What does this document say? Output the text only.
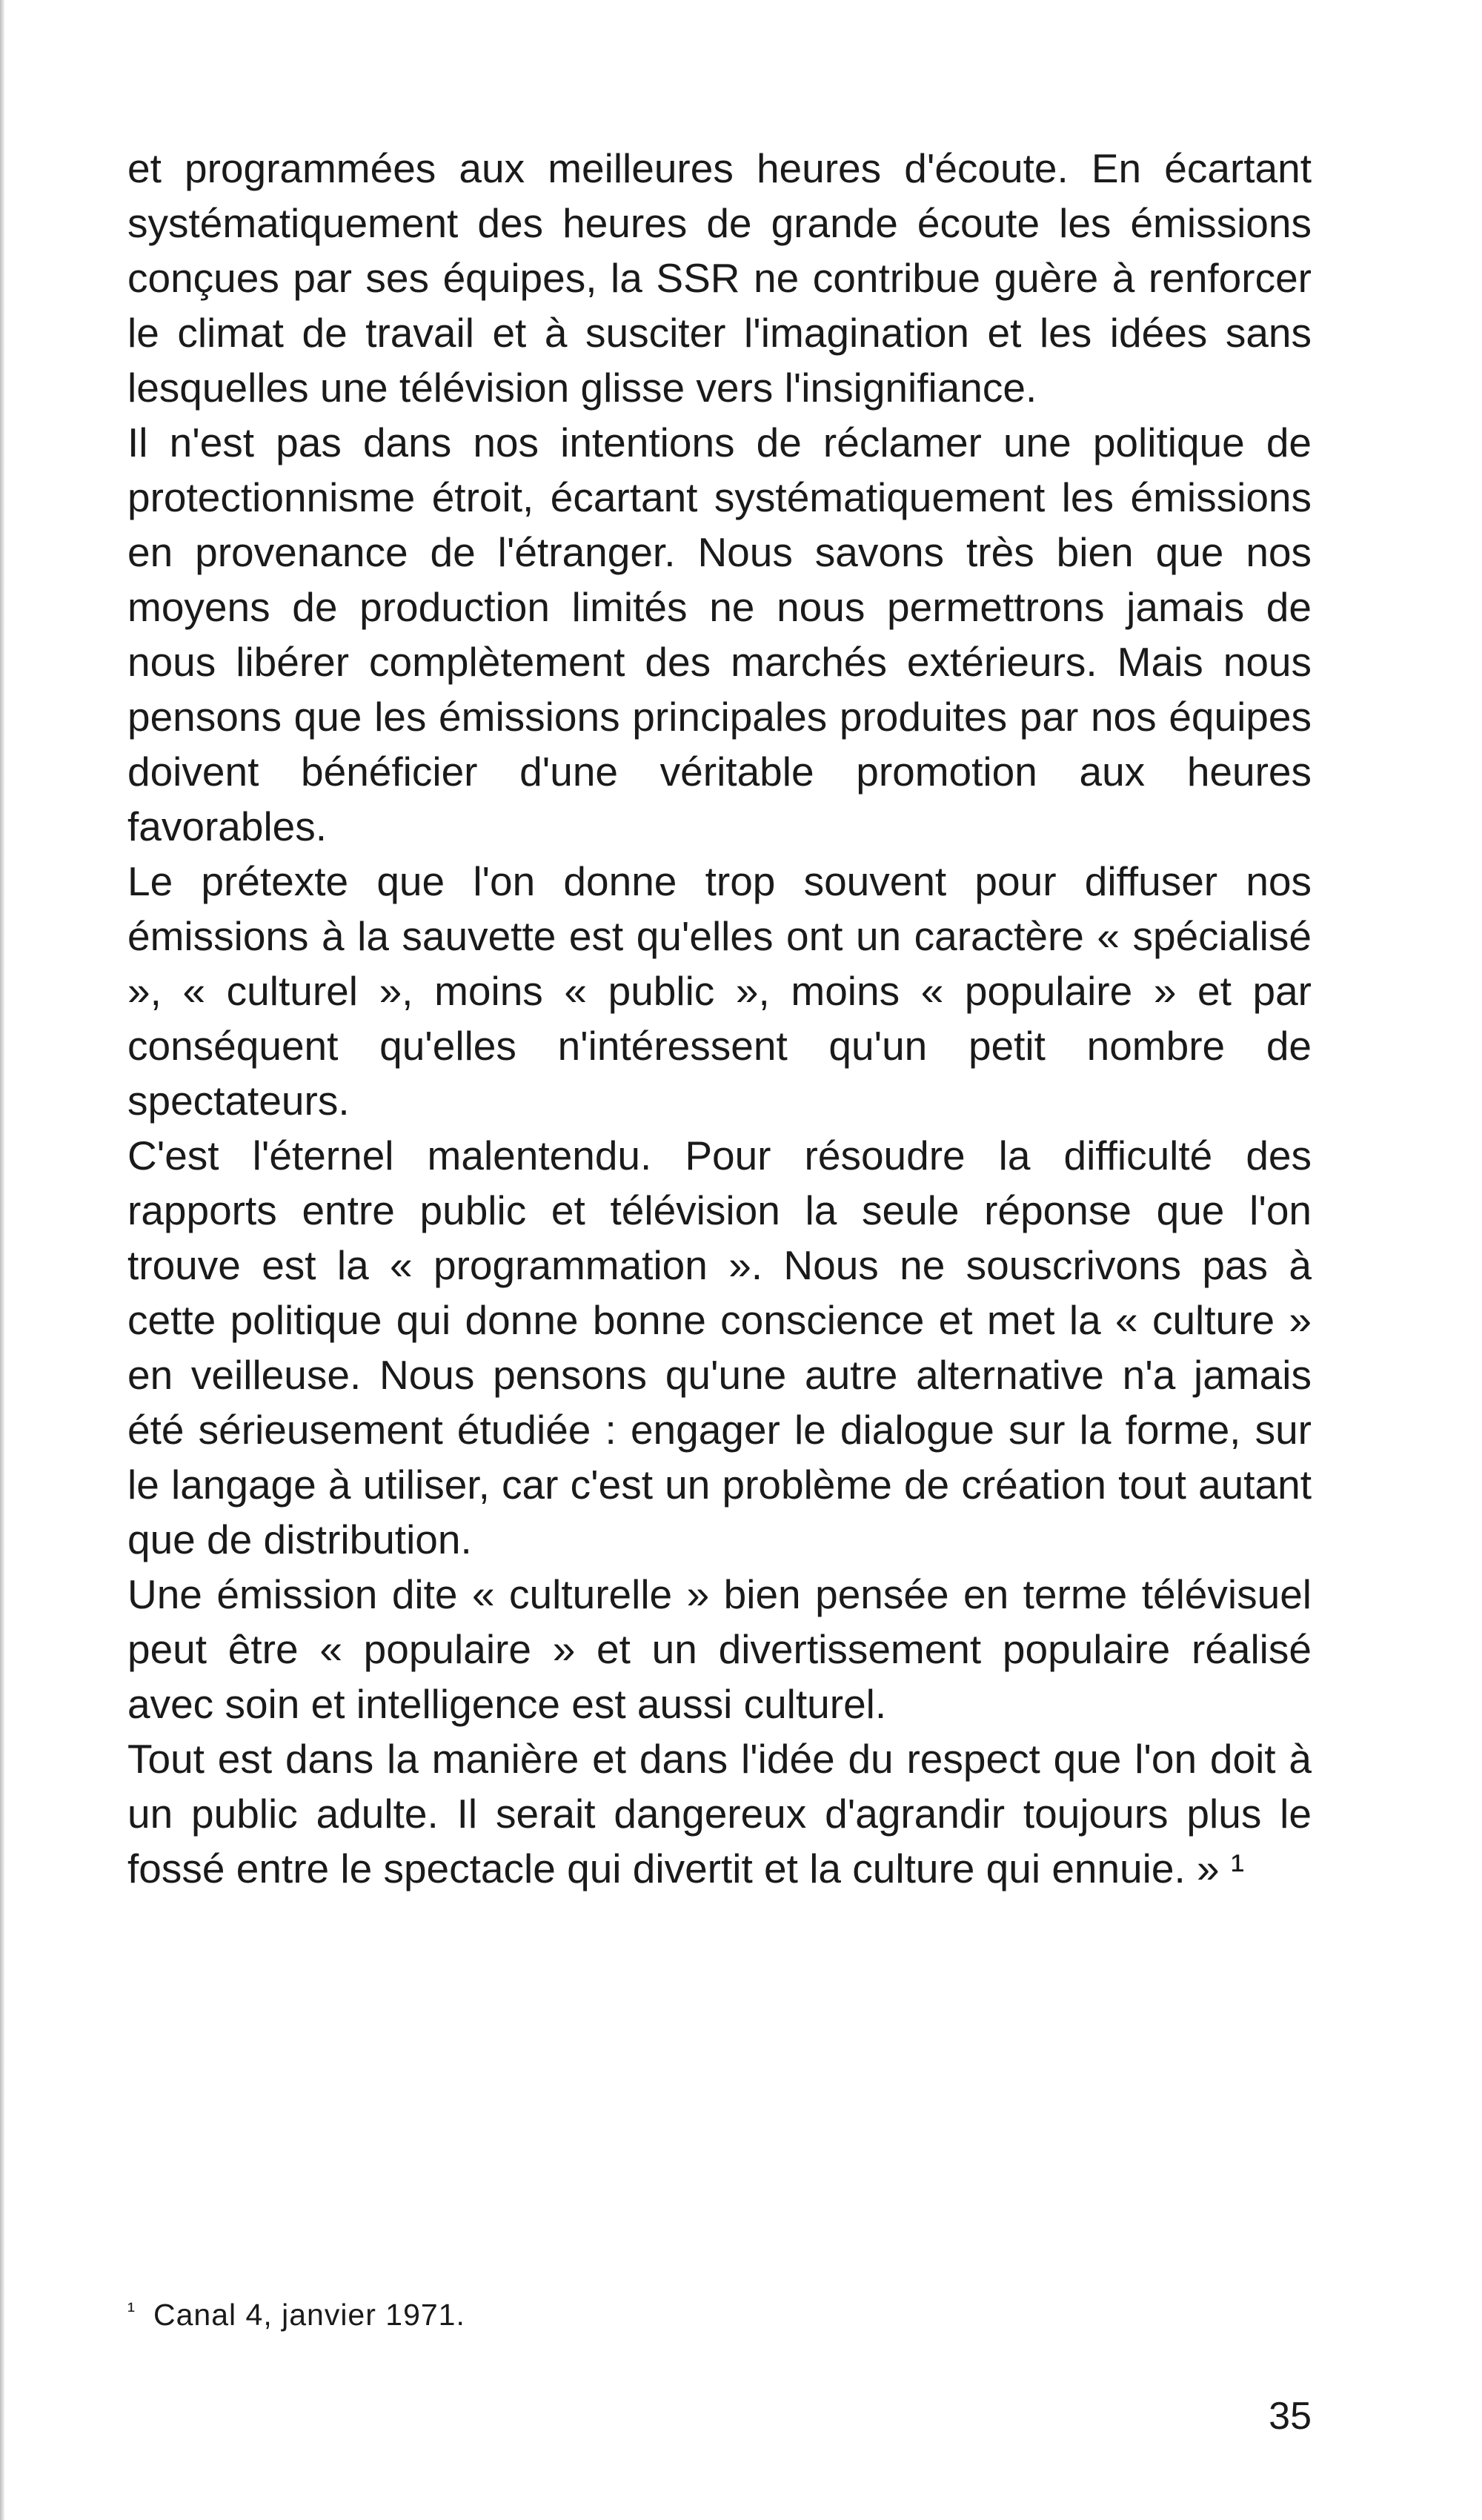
et programmées aux meilleures heures d'écoute. En écartant systématiquement des heures de grande écoute les émissions conçues par ses équipes, la SSR ne contribue guère à renforcer le climat de travail et à susciter l'imagination et les idées sans lesquelles une télévision glisse vers l'insignifiance.

Il n'est pas dans nos intentions de réclamer une politique de protectionnisme étroit, écartant systématiquement les émissions en provenance de l'étranger. Nous savons très bien que nos moyens de production limités ne nous permettrons jamais de nous libérer complètement des marchés extérieurs. Mais nous pensons que les émissions principales produites par nos équipes doivent bénéficier d'une véritable promotion aux heures favorables.

Le prétexte que l'on donne trop souvent pour diffuser nos émissions à la sauvette est qu'elles ont un caractère « spécialisé », « culturel », moins « public », moins « populaire » et par conséquent qu'elles n'intéressent qu'un petit nombre de spectateurs.

C'est l'éternel malentendu. Pour résoudre la difficulté des rapports entre public et télévision la seule réponse que l'on trouve est la « programmation ». Nous ne souscrivons pas à cette politique qui donne bonne conscience et met la « culture » en veilleuse. Nous pensons qu'une autre alternative n'a jamais été sérieusement étudiée : engager le dialogue sur la forme, sur le langage à utiliser, car c'est un problème de création tout autant que de distribution.

Une émission dite « culturelle » bien pensée en terme télévisuel peut être « populaire » et un divertissement populaire réalisé avec soin et intelligence est aussi culturel.

Tout est dans la manière et dans l'idée du respect que l'on doit à un public adulte. Il serait dangereux d'agrandir toujours plus le fossé entre le spectacle qui divertit et la culture qui ennuie. » ¹

¹ Canal 4, janvier 1971.
35
